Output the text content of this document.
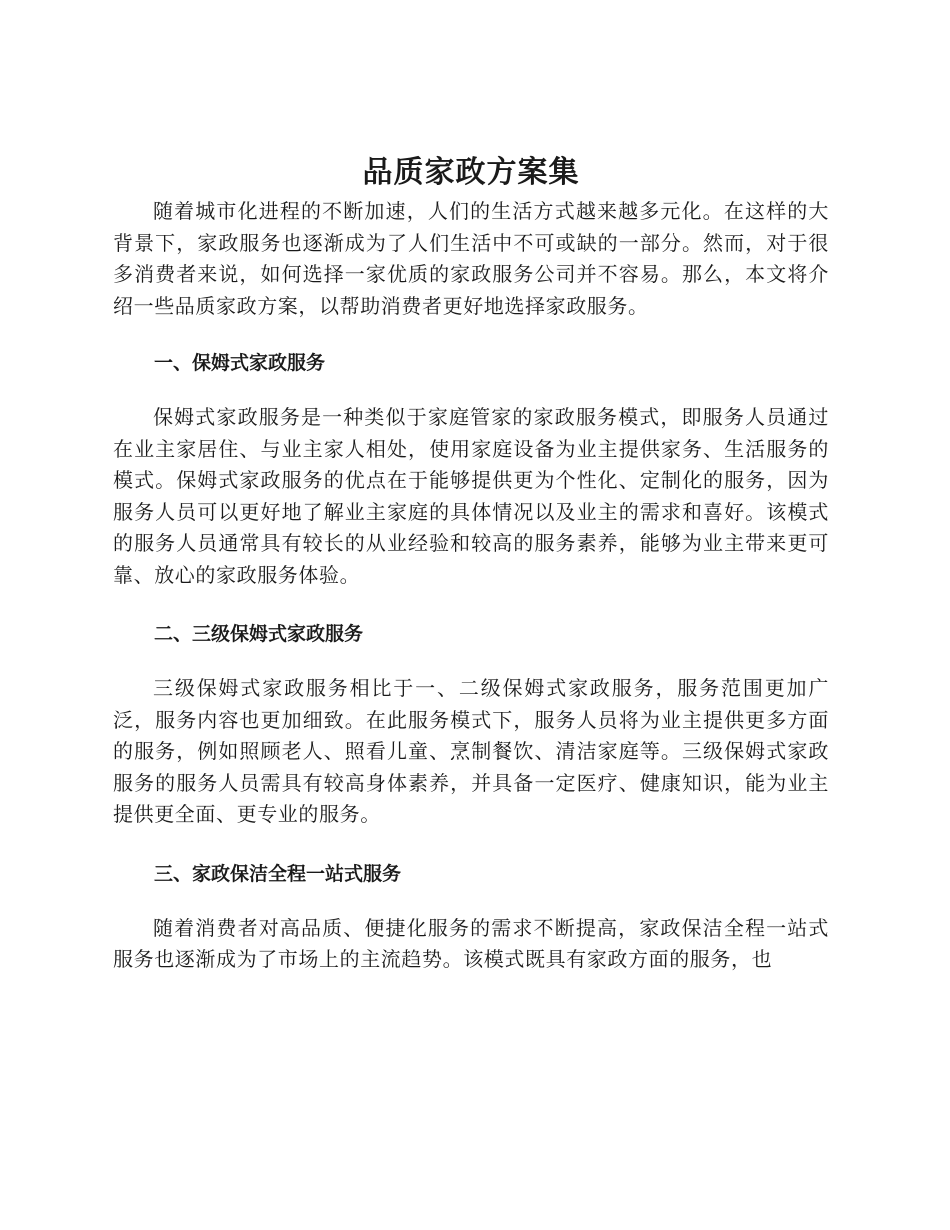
品质家政方案集

随着城市化进程的不断加速，人们的生活方式越来越多元化。在这样的大背景下，家政服务也逐渐成为了人们生活中不可或缺的一部分。然而，对于很多消费者来说，如何选择一家优质的家政服务公司并不容易。那么，本文将介绍一些品质家政方案，以帮助消费者更好地选择家政服务。

一、保姆式家政服务

保姆式家政服务是一种类似于家庭管家的家政服务模式，即服务人员通过在业主家居住、与业主家人相处，使用家庭设备为业主提供家务、生活服务的模式。保姆式家政服务的优点在于能够提供更为个性化、定制化的服务，因为服务人员可以更好地了解业主家庭的具体情况以及业主的需求和喜好。该模式的服务人员通常具有较长的从业经验和较高的服务素养，能够为业主带来更可靠、放心的家政服务体验。

二、三级保姆式家政服务

三级保姆式家政服务相比于一、二级保姆式家政服务，服务范围更加广泛，服务内容也更加细致。在此服务模式下，服务人员将为业主提供更多方面的服务，例如照顾老人、照看儿童、烹制餐饮、清洁家庭等。三级保姆式家政服务的服务人员需具有较高身体素养，并具备一定医疗、健康知识，能为业主提供更全面、更专业的服务。

三、家政保洁全程一站式服务

随着消费者对高品质、便捷化服务的需求不断提高，家政保洁全程一站式服务也逐渐成为了市场上的主流趋势。该模式既具有家政方面的服务，也
